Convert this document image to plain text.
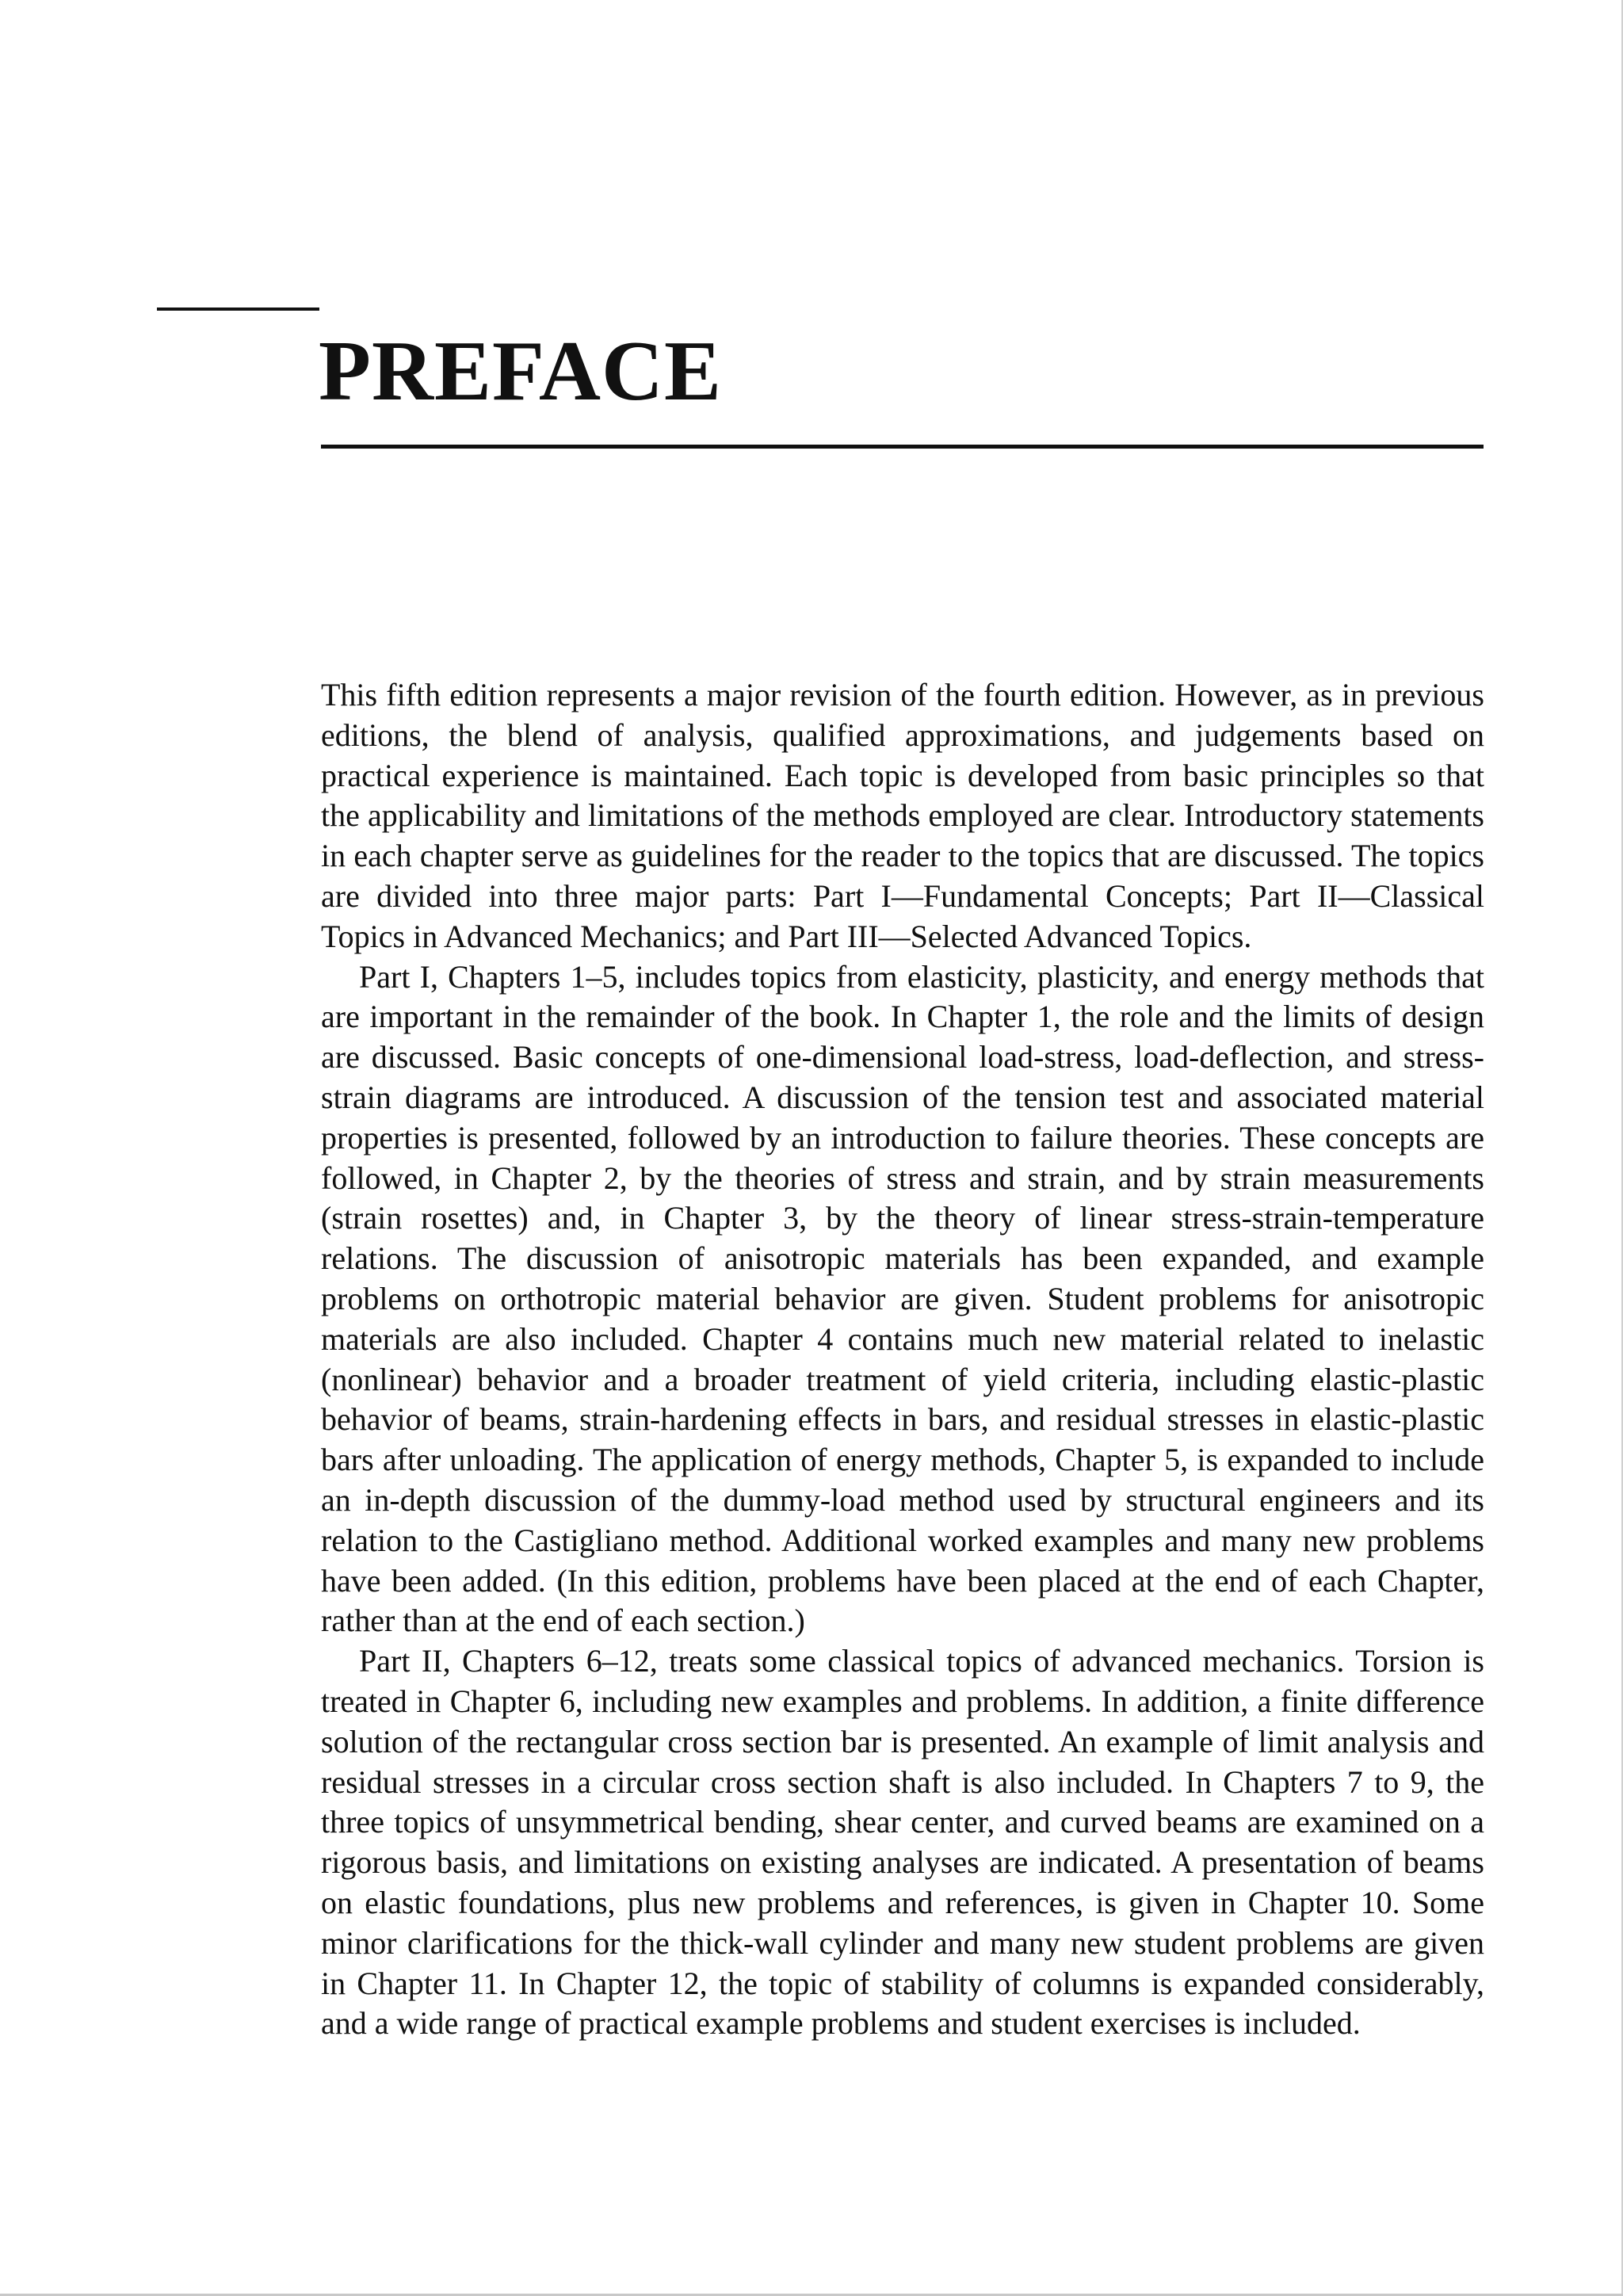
PREFACE

This fifth edition represents a major revision of the fourth edition. However, as in previous editions, the blend of analysis, qualified approximations, and judgements based on practical experience is maintained. Each topic is developed from basic principles so that the applicability and limitations of the methods employed are clear. Introductory statements in each chapter serve as guidelines for the reader to the topics that are discussed. The topics are divided into three major parts: Part I—Fundamental Concepts; Part II—Classical Topics in Advanced Mechanics; and Part III—Selected Advanced Topics.

Part I, Chapters 1–5, includes topics from elasticity, plasticity, and energy methods that are important in the remainder of the book. In Chapter 1, the role and the limits of design are discussed. Basic concepts of one-dimensional load-stress, load-deflection, and stress-strain diagrams are introduced. A discussion of the tension test and associated material properties is presented, followed by an introduction to failure theories. These concepts are followed, in Chapter 2, by the theories of stress and strain, and by strain measurements (strain rosettes) and, in Chapter 3, by the theory of linear stress-strain-temperature relations. The discussion of anisotropic materials has been expanded, and example problems on orthotropic material behavior are given. Student problems for anisotropic materials are also included. Chapter 4 contains much new material related to inelastic (nonlinear) behavior and a broader treatment of yield criteria, including elastic-plastic behavior of beams, strain-hardening effects in bars, and residual stresses in elastic-plastic bars after unloading. The application of energy methods, Chapter 5, is expanded to include an in-depth discussion of the dummy-load method used by structural engineers and its relation to the Castigliano method. Additional worked examples and many new problems have been added. (In this edition, problems have been placed at the end of each Chapter, rather than at the end of each section.)

Part II, Chapters 6–12, treats some classical topics of advanced mechanics. Torsion is treated in Chapter 6, including new examples and problems. In addition, a finite difference solution of the rectangular cross section bar is presented. An example of limit analysis and residual stresses in a circular cross section shaft is also included. In Chapters 7 to 9, the three topics of unsymmetrical bending, shear center, and curved beams are examined on a rigorous basis, and limitations on existing analyses are indicated. A presentation of beams on elastic foundations, plus new problems and references, is given in Chapter 10. Some minor clarifications for the thick-wall cylinder and many new student problems are given in Chapter 11. In Chapter 12, the topic of stability of columns is expanded considerably, and a wide range of practical example problems and student exercises is included.
